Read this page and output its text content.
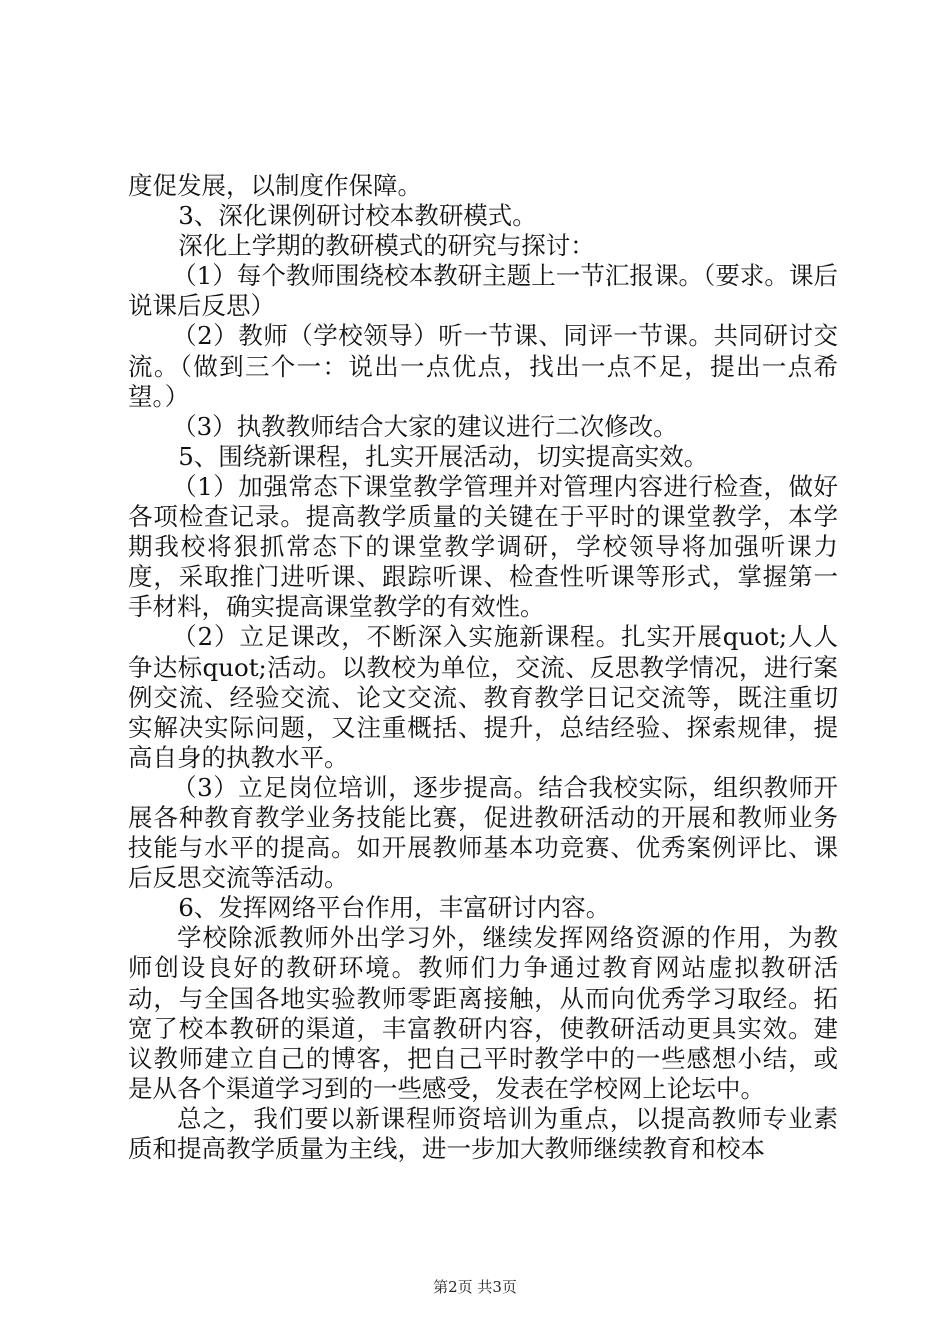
度促发展，以制度作保障。

3、深化课例研讨校本教研模式。

深化上学期的教研模式的研究与探讨：

（1）每个教师围绕校本教研主题上一节汇报课。（要求。课后说课后反思）

（2）教师（学校领导）听一节课、同评一节课。共同研讨交流。（做到三个一：说出一点优点，找出一点不足，提出一点希望。）

（3）执教教师结合大家的建议进行二次修改。

5、围绕新课程，扎实开展活动，切实提高实效。

（1）加强常态下课堂教学管理并对管理内容进行检查，做好各项检查记录。提高教学质量的关键在于平时的课堂教学，本学期我校将狠抓常态下的课堂教学调研，学校领导将加强听课力度，采取推门进听课、跟踪听课、检查性听课等形式，掌握第一手材料，确实提高课堂教学的有效性。

（2）立足课改，不断深入实施新课程。扎实开展quot;人人争达标quot;活动。以教校为单位，交流、反思教学情况，进行案例交流、经验交流、论文交流、教育教学日记交流等，既注重切实解决实际问题，又注重概括、提升，总结经验、探索规律，提高自身的执教水平。

（3）立足岗位培训，逐步提高。结合我校实际，组织教师开展各种教育教学业务技能比赛，促进教研活动的开展和教师业务技能与水平的提高。如开展教师基本功竞赛、优秀案例评比、课后反思交流等活动。

6、发挥网络平台作用，丰富研讨内容。

学校除派教师外出学习外，继续发挥网络资源的作用，为教师创设良好的教研环境。教师们力争通过教育网站虚拟教研活动，与全国各地实验教师零距离接触，从而向优秀学习取经。拓宽了校本教研的渠道，丰富教研内容，使教研活动更具实效。建议教师建立自己的博客，把自己平时教学中的一些感想小结，或是从各个渠道学习到的一些感受，发表在学校网上论坛中。

总之，我们要以新课程师资培训为重点，以提高教师专业素质和提高教学质量为主线，进一步加大教师继续教育和校本

第2页 共3页
